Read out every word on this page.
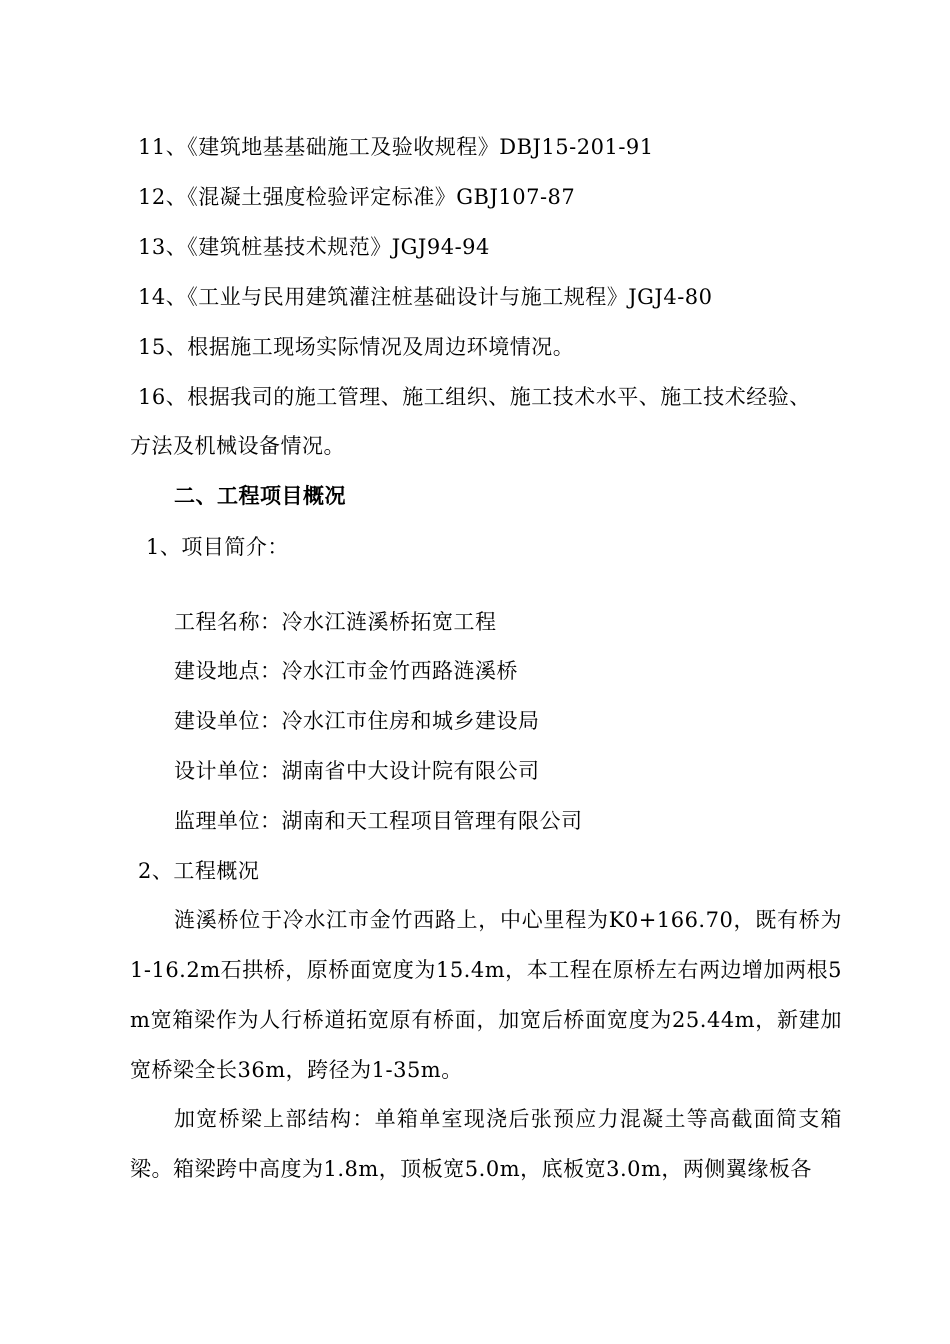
11、《建筑地基基础施工及验收规程》DBJ15-201-91
12、《混凝土强度检验评定标准》GBJ107-87
13、《建筑桩基技术规范》JGJ94-94
14、《工业与民用建筑灌注桩基础设计与施工规程》JGJ4-80
15、根据施工现场实际情况及周边环境情况。
16、根据我司的施工管理、施工组织、施工技术水平、施工技术经验、
方法及机械设备情况。
二、工程项目概况
1、项目简介：
工程名称：冷水江涟溪桥拓宽工程
建设地点：冷水江市金竹西路涟溪桥
建设单位：冷水江市住房和城乡建设局
设计单位：湖南省中大设计院有限公司
监理单位：湖南和天工程项目管理有限公司
2、工程概况
涟溪桥位于冷水江市金竹西路上，中心里程为K0+166.70，既有桥为1-16.2m石拱桥，原桥面宽度为15.4m，本工程在原桥左右两边增加两根5m宽箱梁作为人行桥道拓宽原有桥面，加宽后桥面宽度为25.44m，新建加宽桥梁全长36m，跨径为1-35m。
加宽桥梁上部结构：单箱单室现浇后张预应力混凝土等高截面简支箱梁。箱梁跨中高度为1.8m，顶板宽5.0m，底板宽3.0m，两侧翼缘板各
